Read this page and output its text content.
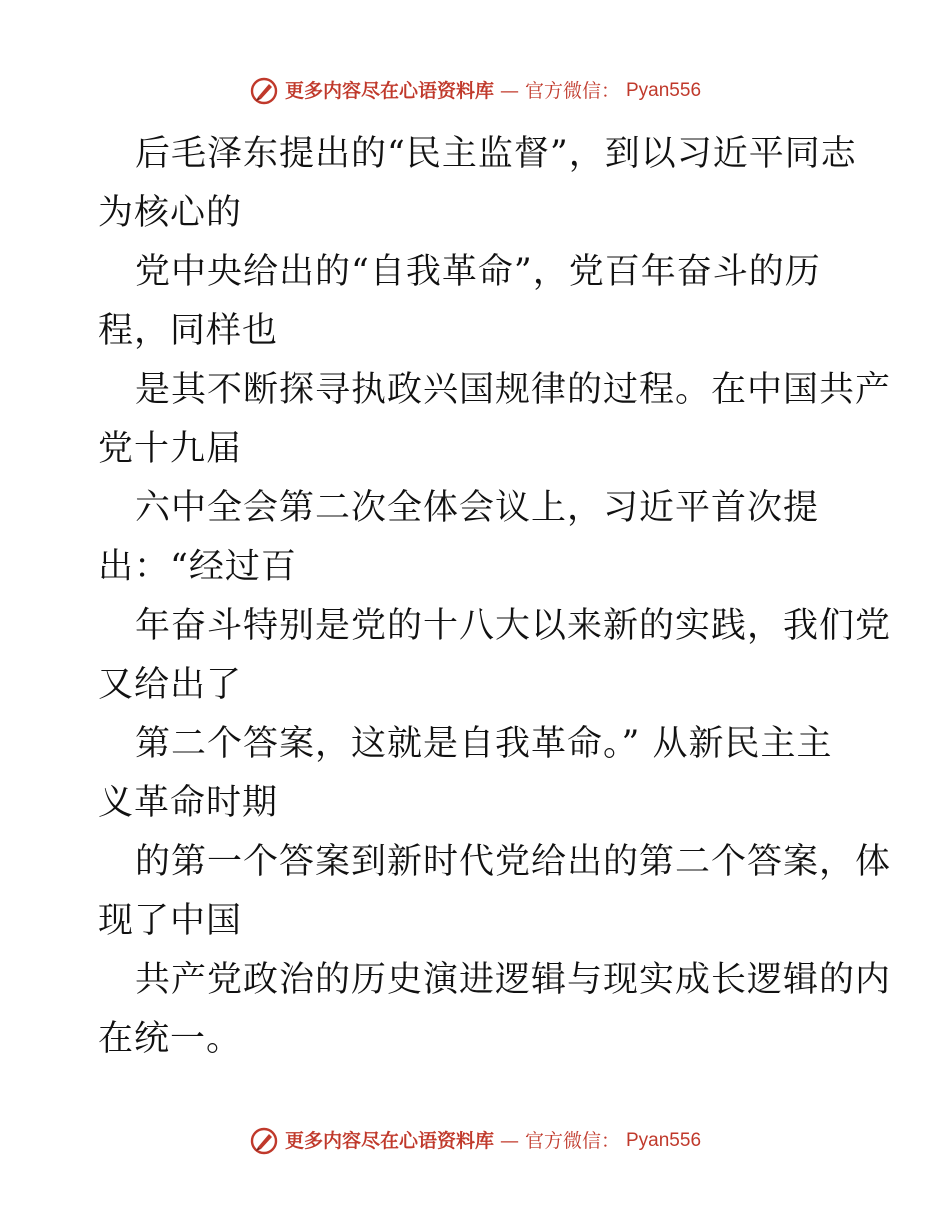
更多内容尽在心语资料库 — 官方微信： Pyan556
后毛泽东提出的“民主监督”，到以习近平同志
为核心的
党中央给出的“自我革命”，党百年奋斗的历
程，同样也
是其不断探寻执政兴国规律的过程。在中国共产
党十九届
六中全会第二次全体会议上，习近平首次提
出：“经过百
年奋斗特别是党的十八大以来新的实践，我们党
又给出了
第二个答案，这就是自我革命。” 从新民主主
义革命时期
的第一个答案到新时代党给出的第二个答案，体
现了中国
共产党政治的历史演进逻辑与现实成长逻辑的内
在统一。
更多内容尽在心语资料库 — 官方微信： Pyan556
